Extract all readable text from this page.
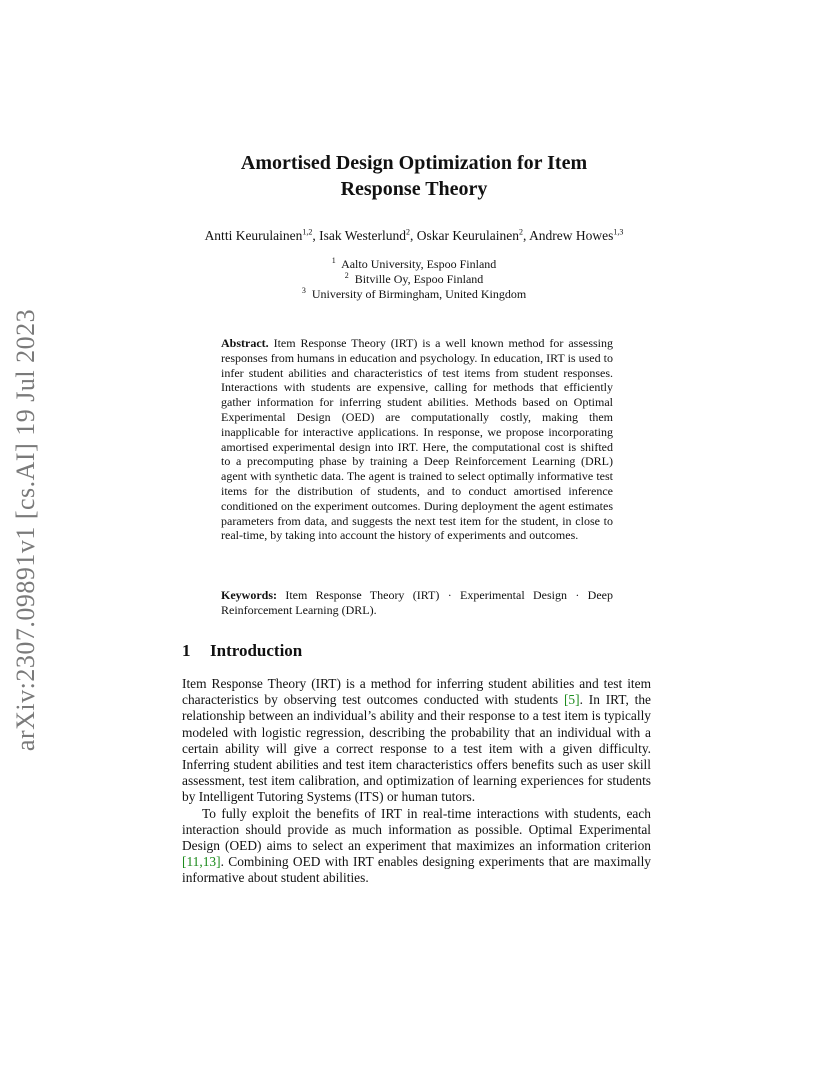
arXiv:2307.09891v1 [cs.AI] 19 Jul 2023
Amortised Design Optimization for Item
Response Theory
Antti Keurulainen$^{1,2}$, Isak Westerlund$^2$, Oskar Keurulainen$^2$, Andrew Howes$^{1,3}$
$^1$ Aalto University, Espoo Finland
$^2$ Bitville Oy, Espoo Finland
$^3$ University of Birmingham, United Kingdom
Abstract. Item Response Theory (IRT) is a well known method for assessing responses from humans in education and psychology. In education, IRT is used to infer student abilities and characteristics of test items from student responses. Interactions with students are expensive, calling for methods that efficiently gather information for inferring student abilities. Methods based on Optimal Experimental Design (OED) are computationally costly, making them inapplicable for interactive applications. In response, we propose incorporating amortised experimental design into IRT. Here, the computational cost is shifted to a precomputing phase by training a Deep Reinforcement Learning (DRL) agent with synthetic data. The agent is trained to select optimally informative test items for the distribution of students, and to conduct amortised inference conditioned on the experiment outcomes. During deployment the agent estimates parameters from data, and suggests the next test item for the student, in close to real-time, by taking into account the history of experiments and outcomes.
Keywords: Item Response Theory (IRT) · Experimental Design · Deep Reinforcement Learning (DRL).
1 Introduction

Item Response Theory (IRT) is a method for inferring student abilities and test item characteristics by observing test outcomes conducted with students [5]. In IRT, the relationship between an individual’s ability and their response to a test item is typically modeled with logistic regression, describing the probability that an individual with a certain ability will give a correct response to a test item with a given difficulty. Inferring student abilities and test item characteristics offers benefits such as user skill assessment, test item calibration, and optimization of learning experiences for students by Intelligent Tutoring Systems (ITS) or human tutors.

To fully exploit the benefits of IRT in real-time interactions with students, each interaction should provide as much information as possible. Optimal Experimental Design (OED) aims to select an experiment that maximizes an information criterion [11,13]. Combining OED with IRT enables designing experiments that are maximally informative about student abilities.
